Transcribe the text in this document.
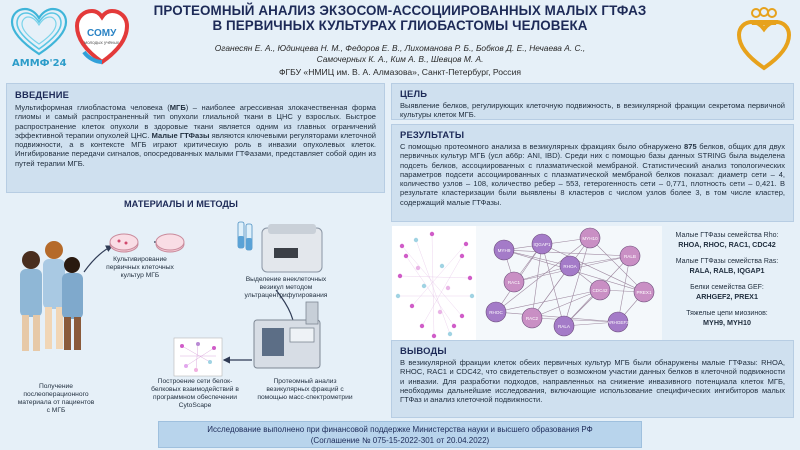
АММФ'24
СОМУ
молодых учёных
ПРОТЕОМНЫЙ АНАЛИЗ ЭКЗОСОМ-АССОЦИИРОВАННЫХ МАЛЫХ ГТФАЗ
В ПЕРВИЧНЫХ КУЛЬТУРАХ ГЛИОБАСТОМЫ ЧЕЛОВЕКА
Оганесян Е. А., Юдинцева Н. М., Федоров Е. В., Лихоманова Р. Б., Бобков Д. Е., Нечаева А. С.,
Самочерных К. А., Ким А. В., Шевцов М. А.
ФГБУ «НМИЦ им. В. А. Алмазова», Санкт-Петербург, Россия
ВВЕДЕНИЕ
Мультиформная глиобластома человека (МГБ) – наиболее агрессивная злокачественная форма глиомы и самый распространенный тип опухоли глиальной ткани в ЦНС у взрослых. Быстрое распространение клеток опухоли в здоровые ткани является одним из главных ограничений эффективной терапии опухолей ЦНС. Малые ГТФазы являются ключевыми регуляторами клеточной подвижности, а в контексте МГБ играют критическую роль в инвазии опухолевых клеток. Ингибирование передачи сигналов, опосредованных малыми ГТФазами, представляет собой один из путей терапии МГБ.
ЦЕЛЬ
Выявление белков, регулирующих клеточную подвижность, в везикулярной фракции секретома первичной культуры клеток МГБ.
РЕЗУЛЬТАТЫ
С помощью протеомного анализа в везикулярных фракциях было обнаружено 875 белков, общих для двух первичных культур МГБ (усл а66р: ANI, IBD). Среди них с помощью базы данных STRING была выделена подсеть белков, ассоциированных с плазматической мембраной. Статистический анализ топологических параметров подсети ассоциированных с плазматической мембраной белков показал: диаметр сети – 4, количество узлов – 108, количество ребер – 553, гетерогенность сети – 0,771, плотность сети – 0,421. В результате кластеризации были выявлены 8 кластеров с числом узлов более 3, в том числе кластер, содержащий малые ГТФазы.
МАТЕРИАЛЫ И МЕТОДЫ
Культивирование первичных клеточных культур МГБ
Выделение внеклеточных везикул методом ультрацентрифугирования
Построение сети белок-белковых взаимодействий в программном обеспечении CytoScape
Протеомный анализ везикулярных фракций с помощью масс-спектрометрии
Получение послеоперационного материала от пациентов с МГБ
RAC1
IQGAP1
RAC2
RHOA
CDC42
RALA
RALB
ARHGEF2
PREX1
MYH9
MYH10
RHOC
Малые ГТФазы семейства Rho:
RHOA, RHOC, RAC1, CDC42
Малые ГТФазы семейства Ras:
RALA, RALB, IQGAP1
Белки семейства GEF:
ARHGEF2, PREX1
Тяжелые цепи миозинов:
MYH9, MYH10
ВЫВОДЫ
В везикулярной фракции клеток обеих первичных культур МГБ были обнаружены малые ГТФазы: RHOA, RHOC, RAC1 и CDC42, что свидетельствует о возможном участии данных белков в клеточной подвижности и инвазии. Для разработки подходов, направленных на снижение инвазивного потенциала клеток МГБ, необходимы дальнейшие исследования, включающие использование специфических ингибиторов малых ГТФаз и анализ клеточной подвижности.
Исследование выполнено при финансовой поддержке Министерства науки и высшего образования РФ
(Соглашение № 075-15-2022-301 от 20.04.2022)
